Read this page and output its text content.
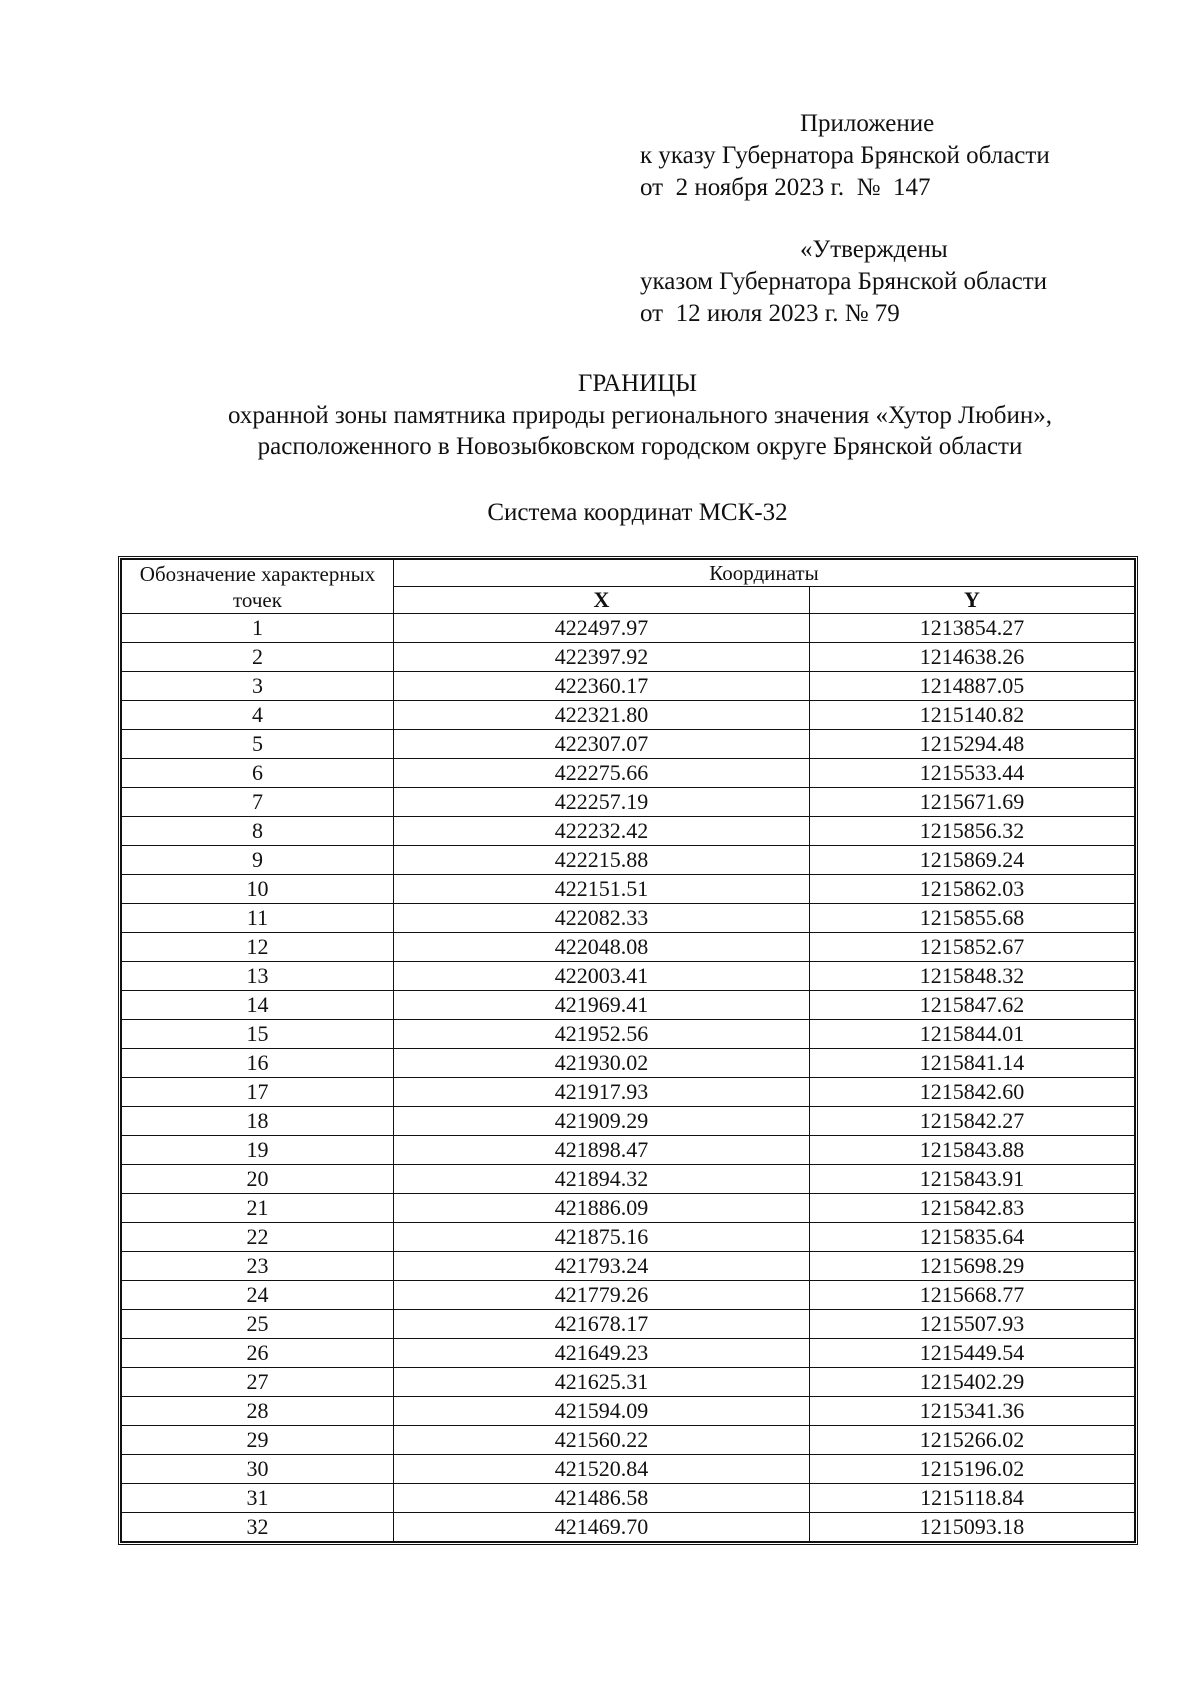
Приложение
к указу Губернатора Брянской области
от  2 ноября 2023 г.  №  147
«Утверждены
указом Губернатора Брянской области
от  12 июля 2023 г. № 79
ГРАНИЦЫ
охранной зоны памятника природы регионального значения «Хутор Любин»,
расположенного в Новозыбковском городском округе Брянской области
Система координат МСК-32
Обозначение характерных точек	Координаты	
	X	Y
1	422497.97	1213854.27
2	422397.92	1214638.26
3	422360.17	1214887.05
4	422321.80	1215140.82
5	422307.07	1215294.48
6	422275.66	1215533.44
7	422257.19	1215671.69
8	422232.42	1215856.32
9	422215.88	1215869.24
10	422151.51	1215862.03
11	422082.33	1215855.68
12	422048.08	1215852.67
13	422003.41	1215848.32
14	421969.41	1215847.62
15	421952.56	1215844.01
16	421930.02	1215841.14
17	421917.93	1215842.60
18	421909.29	1215842.27
19	421898.47	1215843.88
20	421894.32	1215843.91
21	421886.09	1215842.83
22	421875.16	1215835.64
23	421793.24	1215698.29
24	421779.26	1215668.77
25	421678.17	1215507.93
26	421649.23	1215449.54
27	421625.31	1215402.29
28	421594.09	1215341.36
29	421560.22	1215266.02
30	421520.84	1215196.02
31	421486.58	1215118.84
32	421469.70	1215093.18
